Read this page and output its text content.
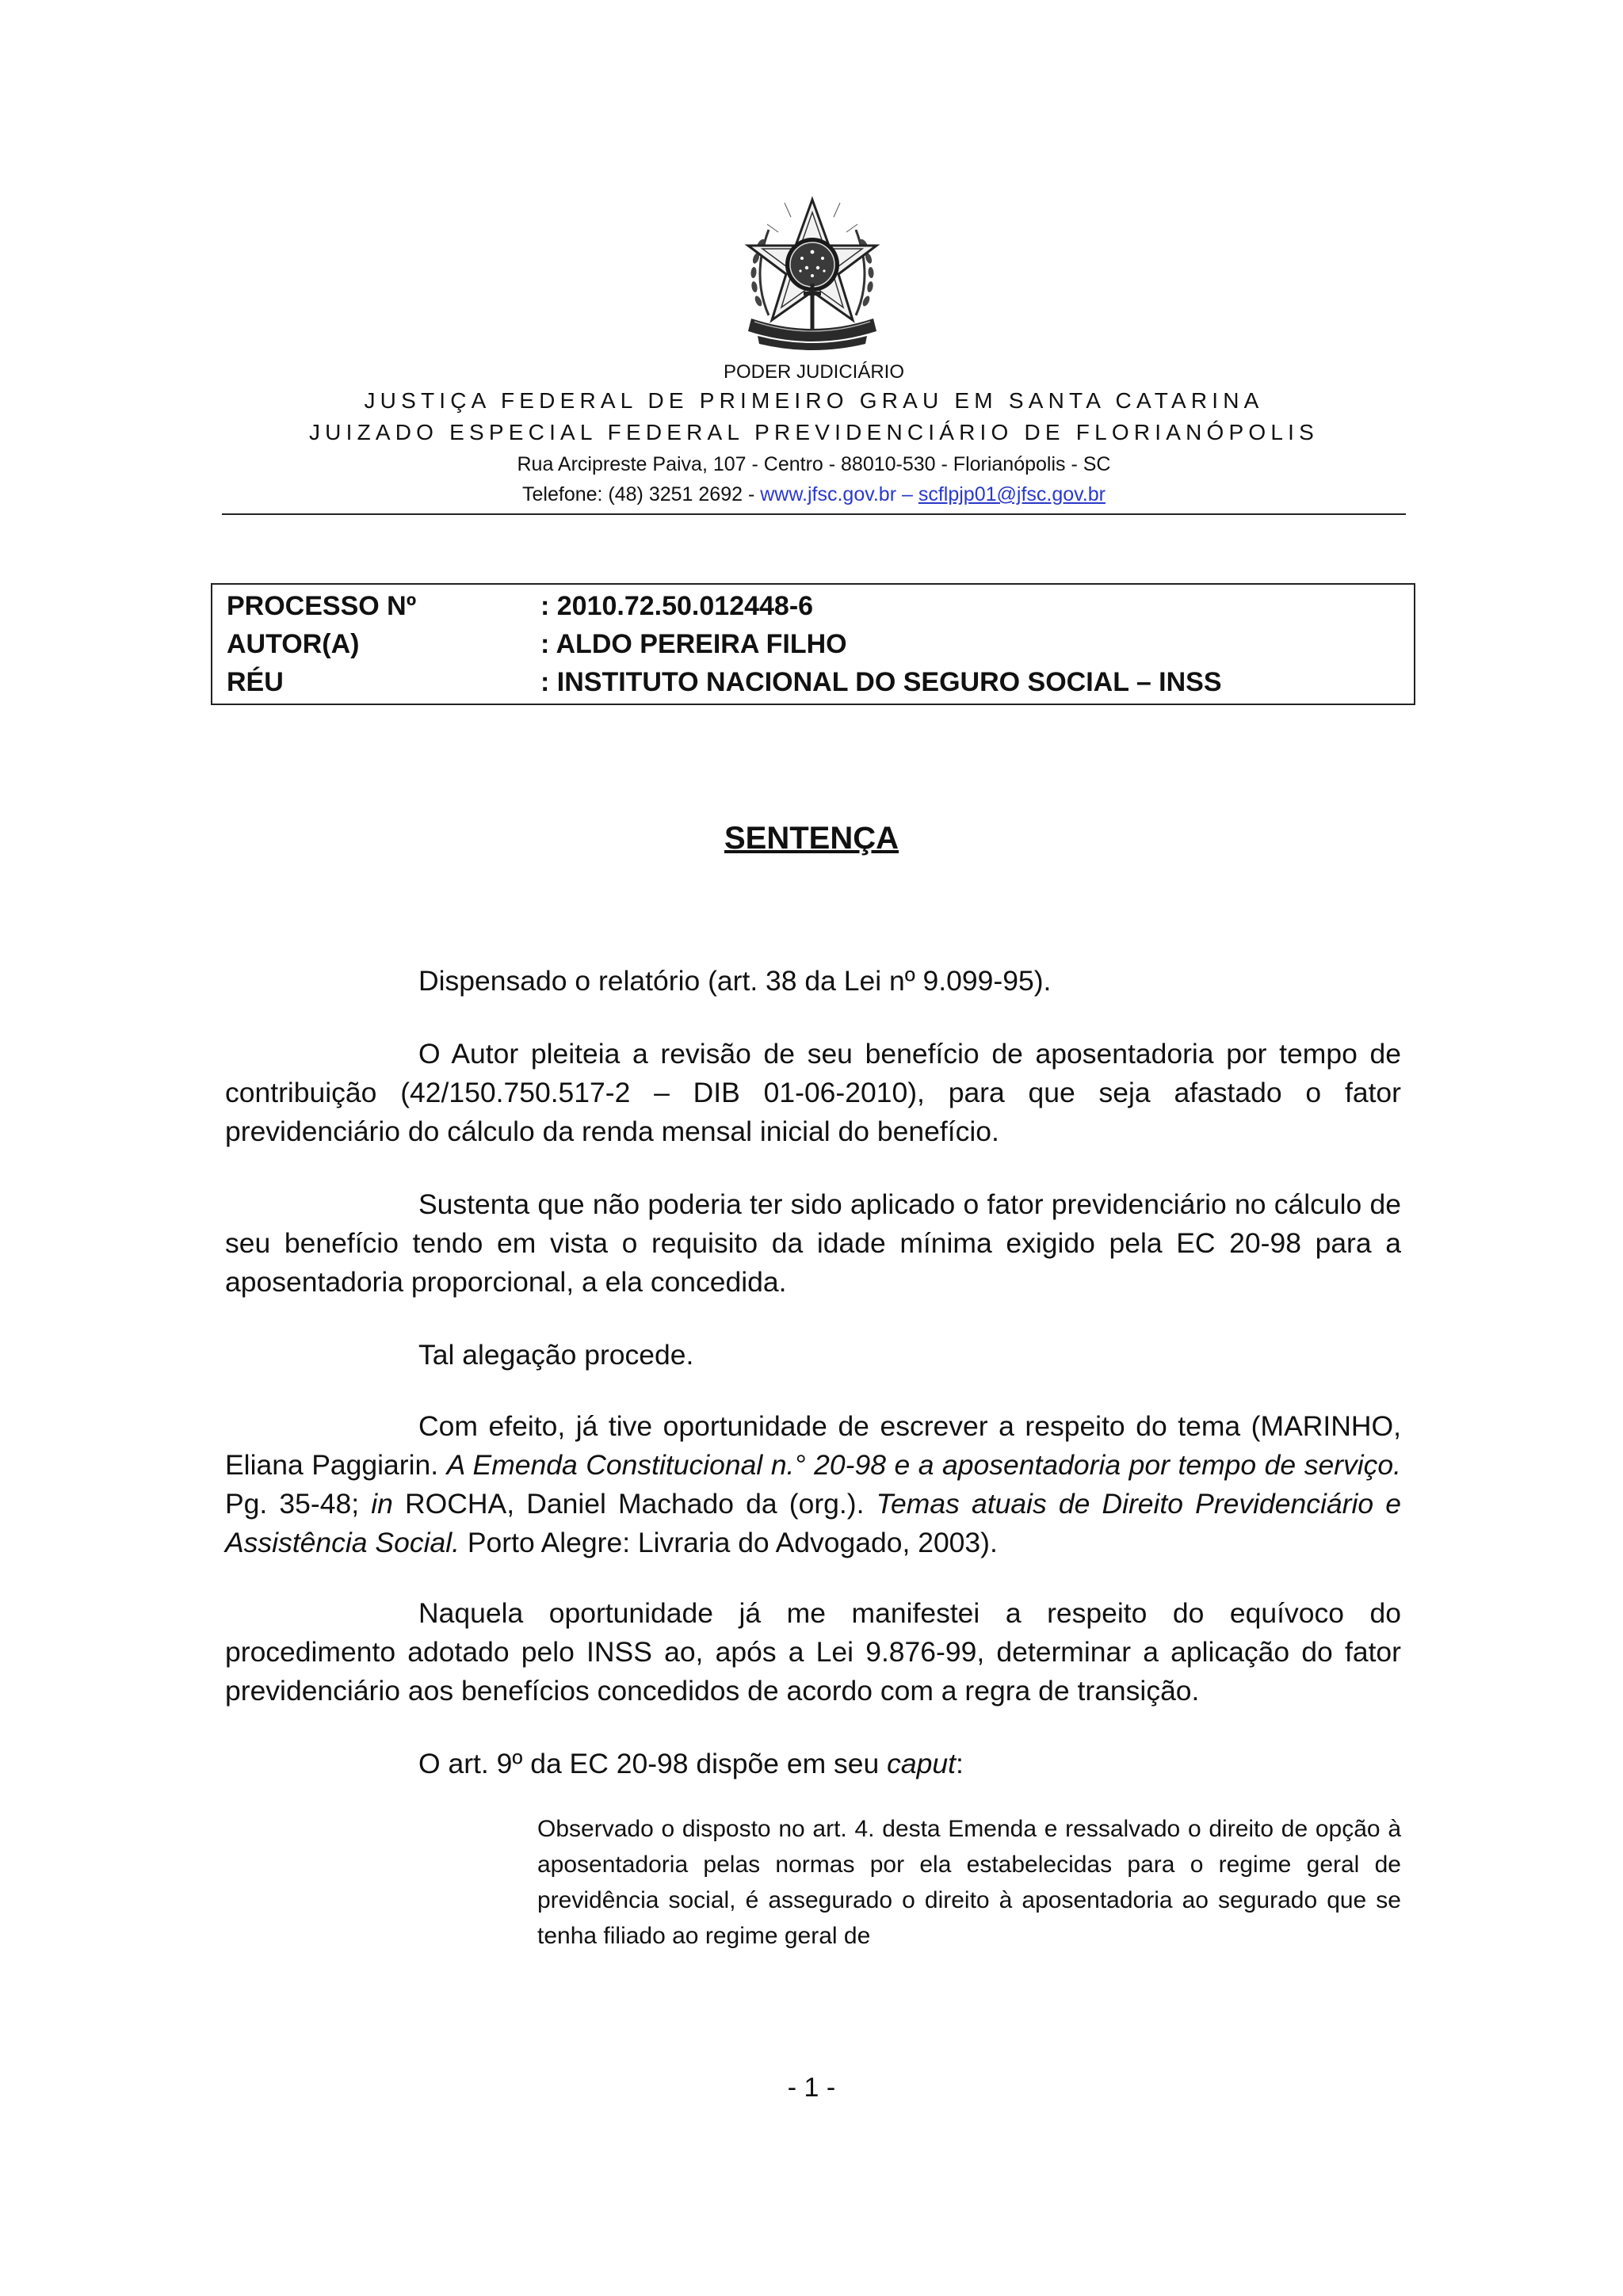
PODER JUDICIÁRIO
JUSTIÇA FEDERAL DE PRIMEIRO GRAU EM SANTA CATARINA
JUIZADO ESPECIAL FEDERAL PREVIDENCIÁRIO DE FLORIANÓPOLIS
Rua Arcipreste Paiva, 107 - Centro - 88010-530 - Florianópolis - SC
Telefone: (48) 3251 2692 - www.jfsc.gov.br – scflpjp01@jfsc.gov.br
PROCESSO Nº	: 2010.72.50.012448-6
AUTOR(A)	: ALDO PEREIRA FILHO
RÉU	: INSTITUTO NACIONAL DO SEGURO SOCIAL – INSS
SENTENÇA

Dispensado o relatório (art. 38 da Lei nº 9.099-95).

O Autor pleiteia a revisão de seu benefício de aposentadoria por tempo de contribuição (42/150.750.517-2 – DIB 01-06-2010), para que seja afastado o fator previdenciário do cálculo da renda mensal inicial do benefício.

Sustenta que não poderia ter sido aplicado o fator previdenciário no cálculo de seu benefício tendo em vista o requisito da idade mínima exigido pela EC 20-98 para a aposentadoria proporcional, a ela concedida.

Tal alegação procede.

Com efeito, já tive oportunidade de escrever a respeito do tema (MARINHO, Eliana Paggiarin. A Emenda Constitucional n.° 20-98 e a aposentadoria por tempo de serviço. Pg. 35-48; in ROCHA, Daniel Machado da (org.). Temas atuais de Direito Previdenciário e Assistência Social. Porto Alegre: Livraria do Advogado, 2003).

Naquela oportunidade já me manifestei a respeito do equívoco do procedimento adotado pelo INSS ao, após a Lei 9.876-99, determinar a aplicação do fator previdenciário aos benefícios concedidos de acordo com a regra de transição.

O art. 9º da EC 20-98 dispõe em seu caput:

Observado o disposto no art. 4. desta Emenda e ressalvado o direito de opção à aposentadoria pelas normas por ela estabelecidas para o regime geral de previdência social, é assegurado o direito à aposentadoria ao segurado que se tenha filiado ao regime geral de

- 1 -
